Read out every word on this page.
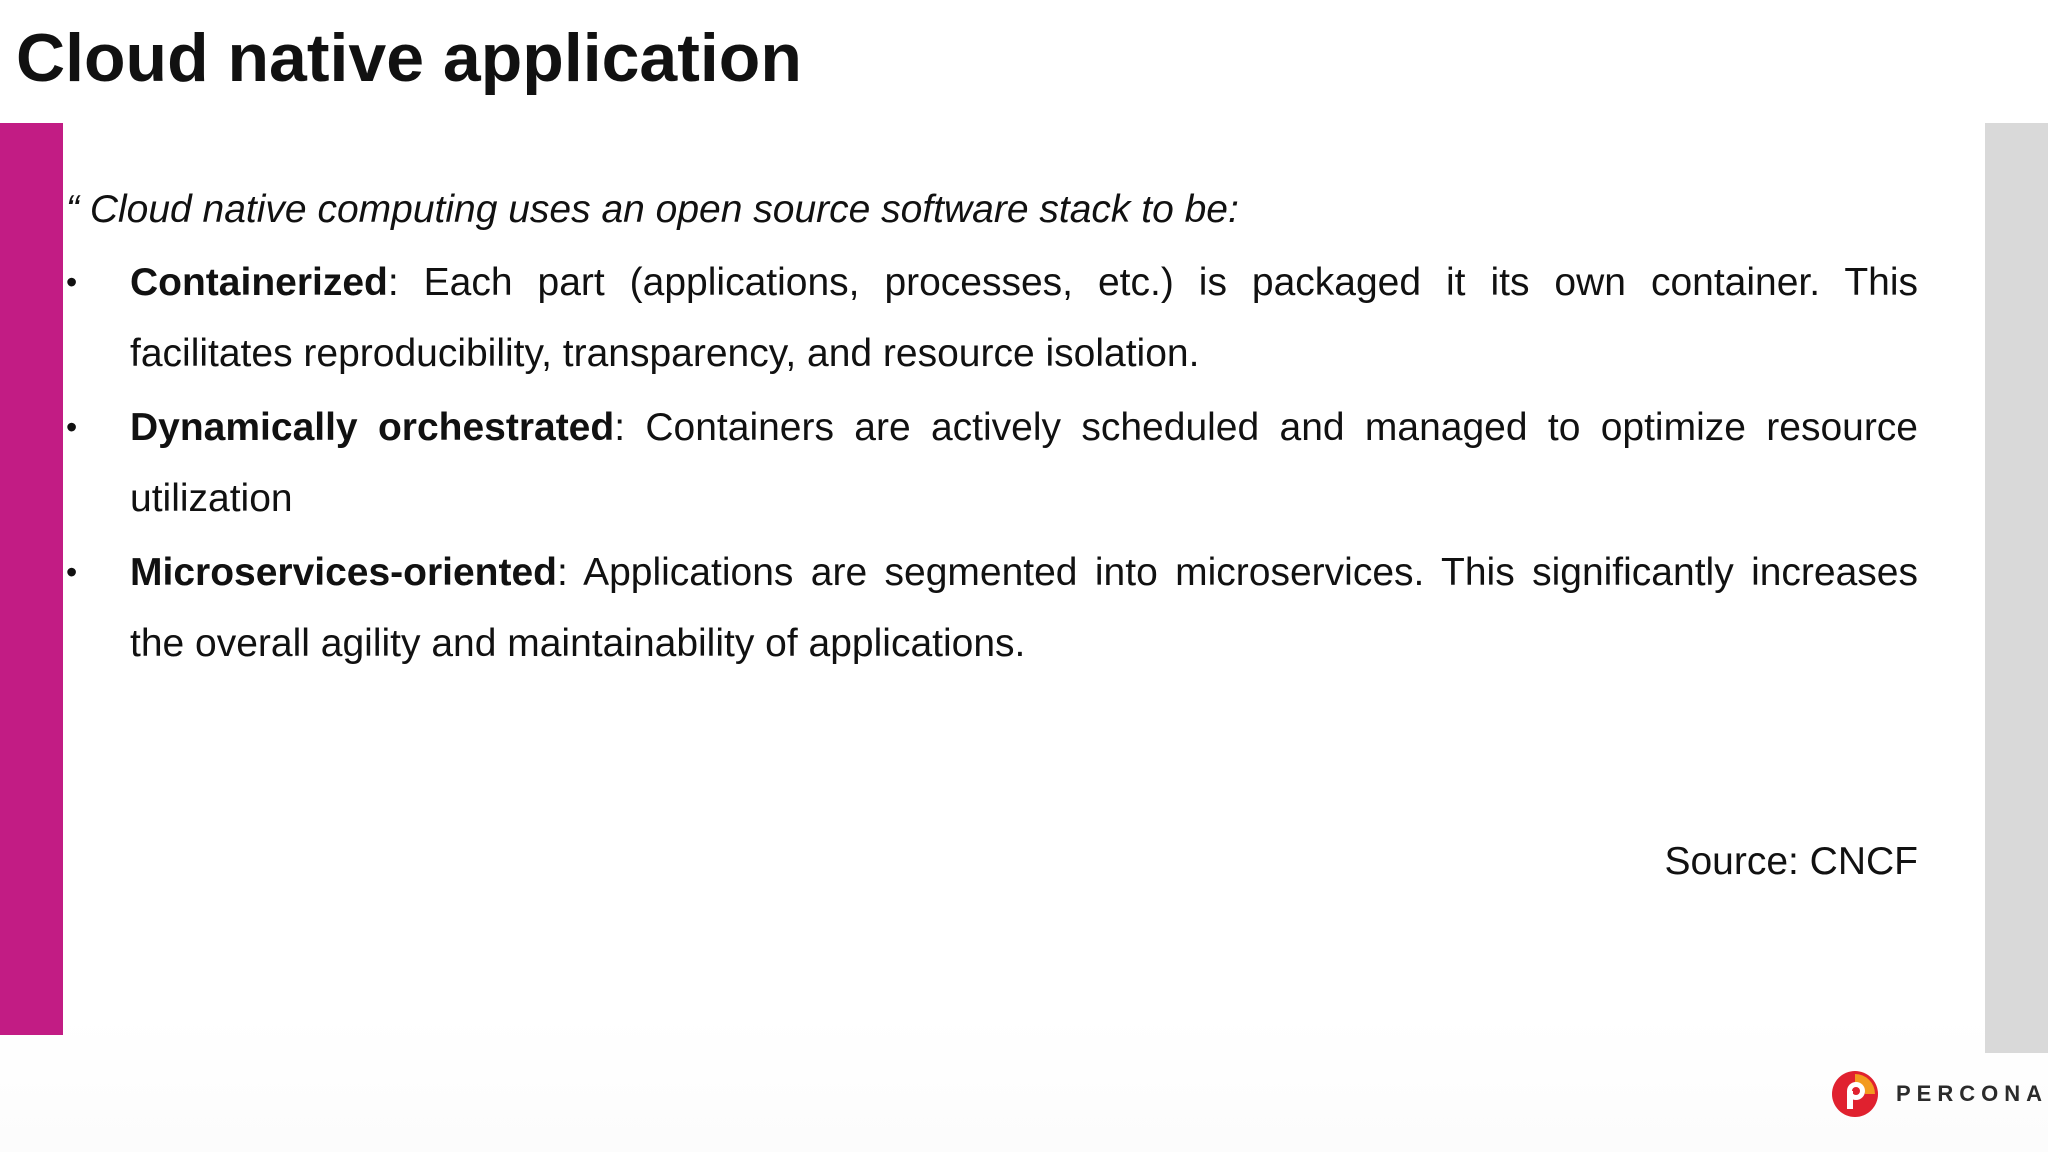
Cloud native application

“ Cloud native computing uses an open source software stack to be:

• Containerized: Each part (applications, processes, etc.) is packaged it its own container. This facilitates reproducibility, transparency, and resource isolation.
• Dynamically orchestrated: Containers are actively scheduled and managed to optimize resource utilization
• Microservices-oriented: Applications are segmented into microservices. This significantly increases the overall agility and maintainability of applications.

Source: CNCF

PERCONA
